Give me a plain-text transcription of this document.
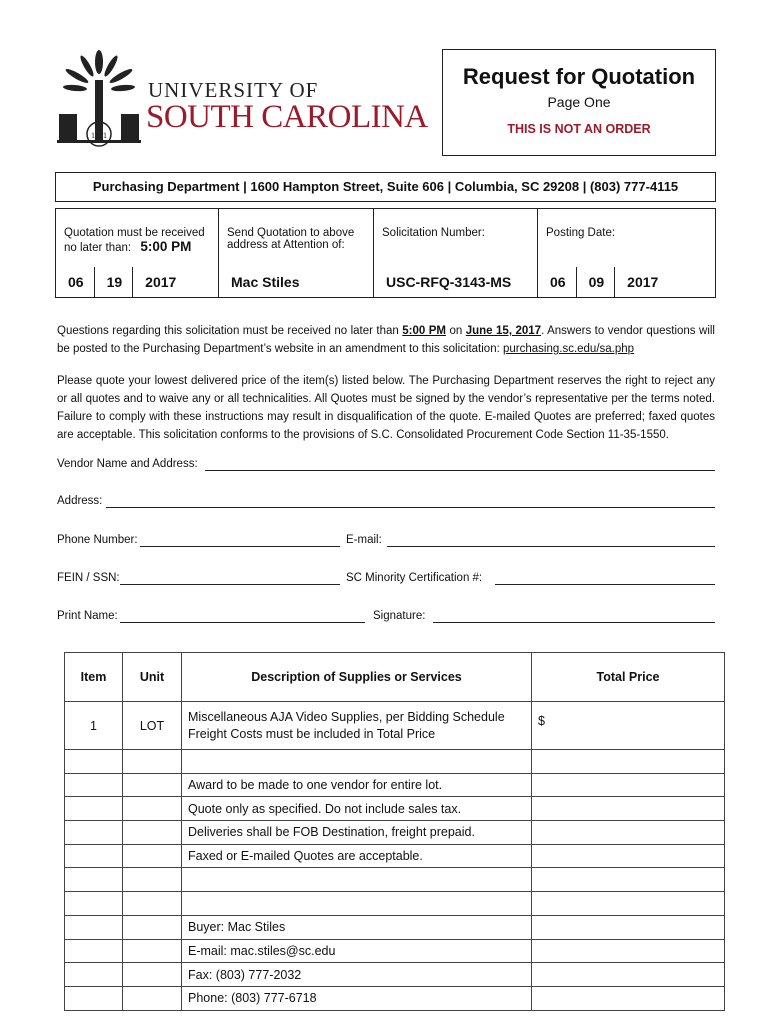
1801
UNIVERSITY OF
SOUTH CAROLINA
Request for Quotation
Page One
THIS IS NOT AN ORDER
Purchasing Department | 1600 Hampton Street, Suite 606 | Columbia, SC 29208 | (803) 777-4115
Quotation must be received
no later than: 5:00 PM
06	19	2017
Send Quotation to above
address at Attention of:
Mac Stiles
Solicitation Number:
USC-RFQ-3143-MS
Posting Date:
06	09	2017
Questions regarding this solicitation must be received no later than 5:00 PM on June 15, 2017. Answers to vendor questions will be posted to the Purchasing Department’s website in an amendment to this solicitation: purchasing.sc.edu/sa.php
Please quote your lowest delivered price of the item(s) listed below. The Purchasing Department reserves the right to reject any or all quotes and to waive any or all technicalities. All Quotes must be signed by the vendor’s representative per the terms noted. Failure to comply with these instructions may result in disqualification of the quote. E-mailed Quotes are preferred; faxed quotes are acceptable. This solicitation conforms to the provisions of S.C. Consolidated Procurement Code Section 11-35-1550.
Vendor Name and Address:
Address:
Phone Number:	E-mail:
FEIN / SSN:	SC Minority Certification #:
Print Name:	Signature:
Item	Unit	Description of Supplies or Services	Total Price
1	LOT	Miscellaneous AJA Video Supplies, per Bidding Schedule
Freight Costs must be included in Total Price	$

		Award to be made to one vendor for entire lot.	
		Quote only as specified. Do not include sales tax.	
		Deliveries shall be FOB Destination, freight prepaid.	
		Faxed or E-mailed Quotes are acceptable.	

		Buyer: Mac Stiles	
		E-mail: mac.stiles@sc.edu	
		Fax: (803) 777-2032	
		Phone: (803) 777-6718	
